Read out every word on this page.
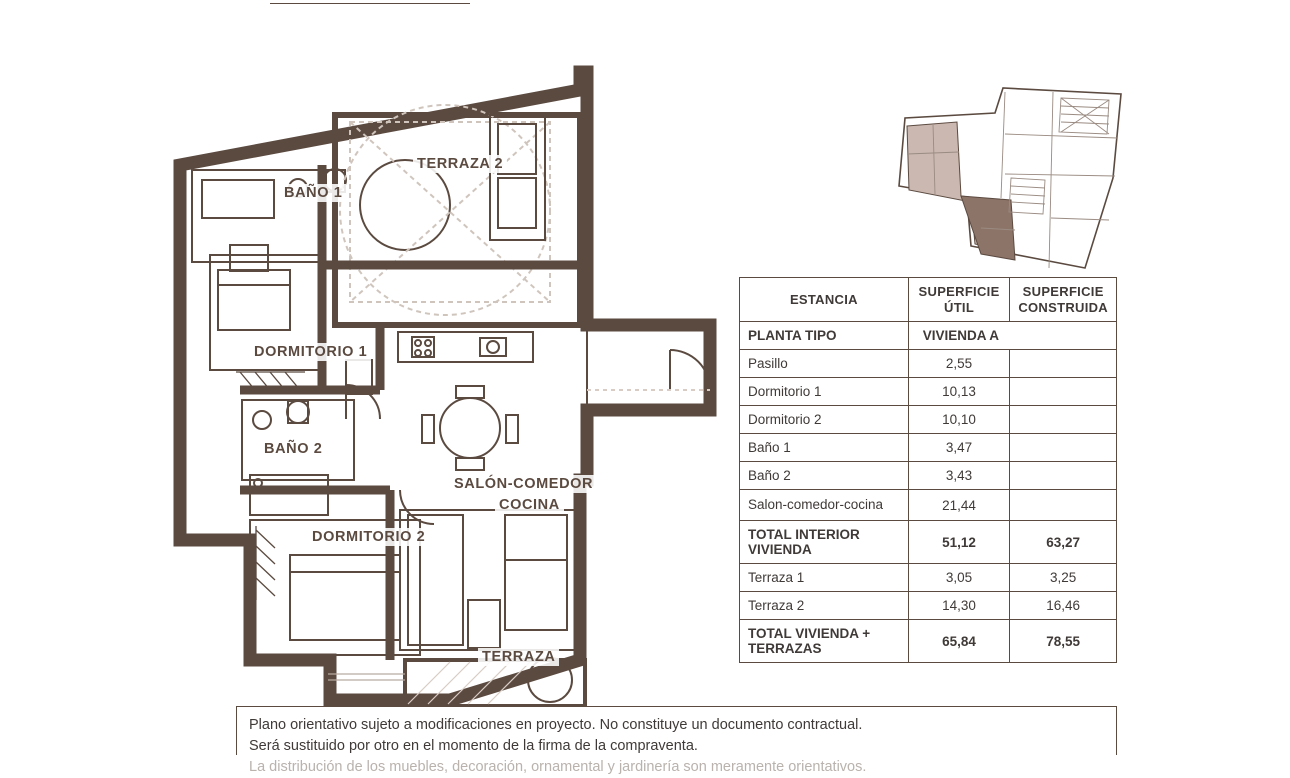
BAÑO 1
TERRAZA 2
DORMITORIO 1
BAÑO 2
DORMITORIO 2
SALÓN-COMEDOR
COCINA
TERRAZA
ESTANCIA	SUPERFICIE ÚTIL	SUPERFICIE CONSTRUIDA
PLANTA TIPO	VIVIENDA A	
Pasillo	2,55	
Dormitorio 1	10,13	
Dormitorio 2	10,10	
Baño 1	3,47	
Baño 2	3,43	
Salon-comedor-cocina	21,44	
TOTAL INTERIOR VIVIENDA	51,12	63,27
Terraza 1	3,05	3,25
Terraza 2	14,30	16,46
TOTAL VIVIENDA + TERRAZAS	65,84	78,55
Plano orientativo sujeto a modificaciones en proyecto. No constituye un documento contractual.
Será sustituido por otro en el momento de la firma de la compraventa.
La distribución de los muebles, decoración, ornamental y jardinería son meramente orientativos.
